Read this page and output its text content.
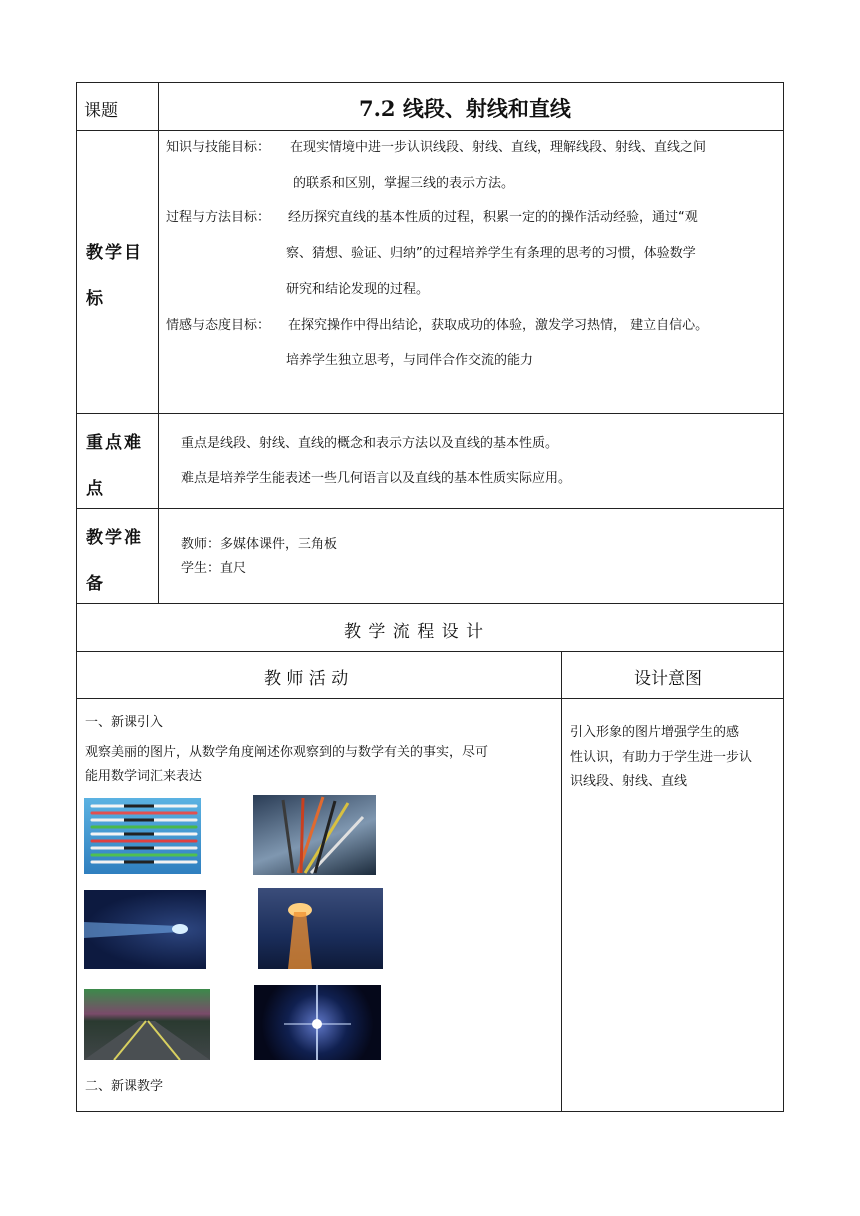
课题	7.2 线段、射线和直线
教学目
标
知识与技能目标： 在现实情境中进一步认识线段、射线、直线，理解线段、射线、直线之间
的联系和区别，掌握三线的表示方法。
过程与方法目标： 经历探究直线的基本性质的过程，积累一定的的操作活动经验，通过“观
察、猜想、验证、归纳”的过程培养学生有条理的思考的习惯，体验数学
研究和结论发现的过程。
情感与态度目标： 在探究操作中得出结论，获取成功的体验，激发学习热情， 建立自信心。
培养学生独立思考，与同伴合作交流的能力
重点难
点
重点是线段、射线、直线的概念和表示方法以及直线的基本性质。
难点是培养学生能表述一些几何语言以及直线的基本性质实际应用。
教学准
备
教师：多媒体课件，三角板
学生：直尺
教 学 流 程 设 计
教 师 活 动	设计意图
一、新课引入
观察美丽的图片，从数学角度阐述你观察到的与数学有关的事实，尽可
能用数学词汇来表达
引入形象的图片增强学生的感
性认识，有助力于学生进一步认
识线段、射线、直线
二、新课教学
